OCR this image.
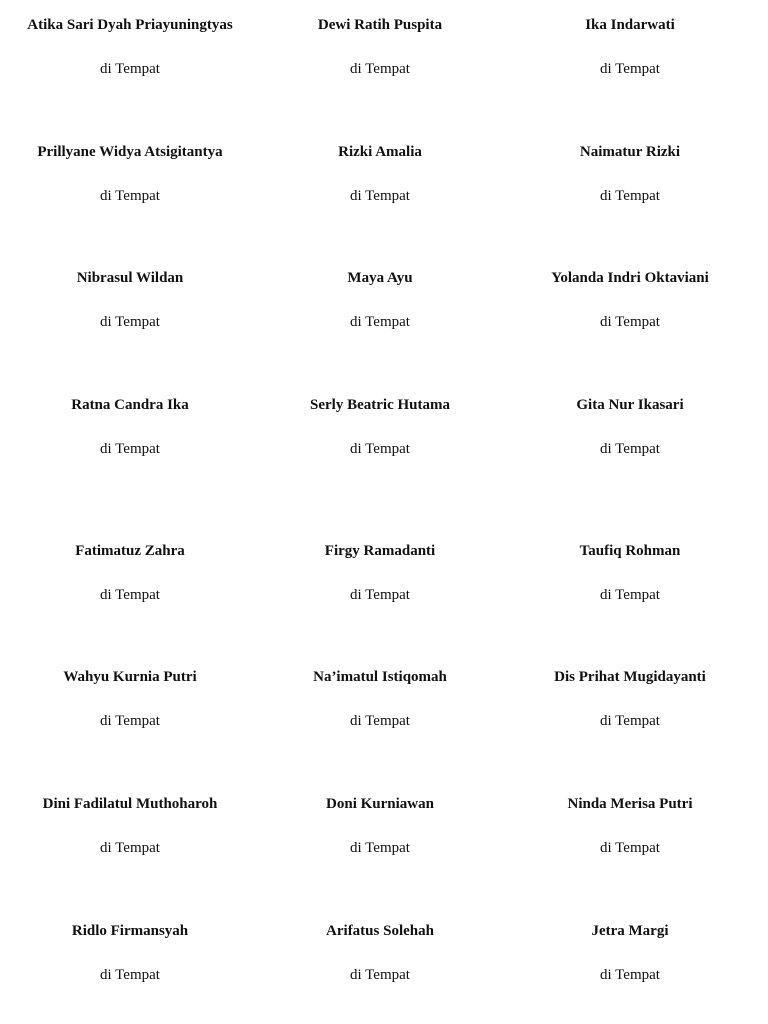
Atika Sari Dyah Priayuningtyas
di Tempat
Dewi Ratih Puspita
di Tempat
Ika Indarwati
di Tempat
Prillyane Widya Atsigitantya
di Tempat
Rizki Amalia
di Tempat
Naimatur Rizki
di Tempat
Nibrasul Wildan
di Tempat
Maya Ayu
di Tempat
Yolanda Indri Oktaviani
di Tempat
Ratna Candra Ika
di Tempat
Serly Beatric Hutama
di Tempat
Gita Nur Ikasari
di Tempat
Fatimatuz Zahra
di Tempat
Firgy Ramadanti
di Tempat
Taufiq Rohman
di Tempat
Wahyu Kurnia Putri
di Tempat
Na’imatul Istiqomah
di Tempat
Dis Prihat Mugidayanti
di Tempat
Dini Fadilatul Muthoharoh
di Tempat
Doni Kurniawan
di Tempat
Ninda Merisa Putri
di Tempat
Ridlo Firmansyah
di Tempat
Arifatus Solehah
di Tempat
Jetra Margi
di Tempat
